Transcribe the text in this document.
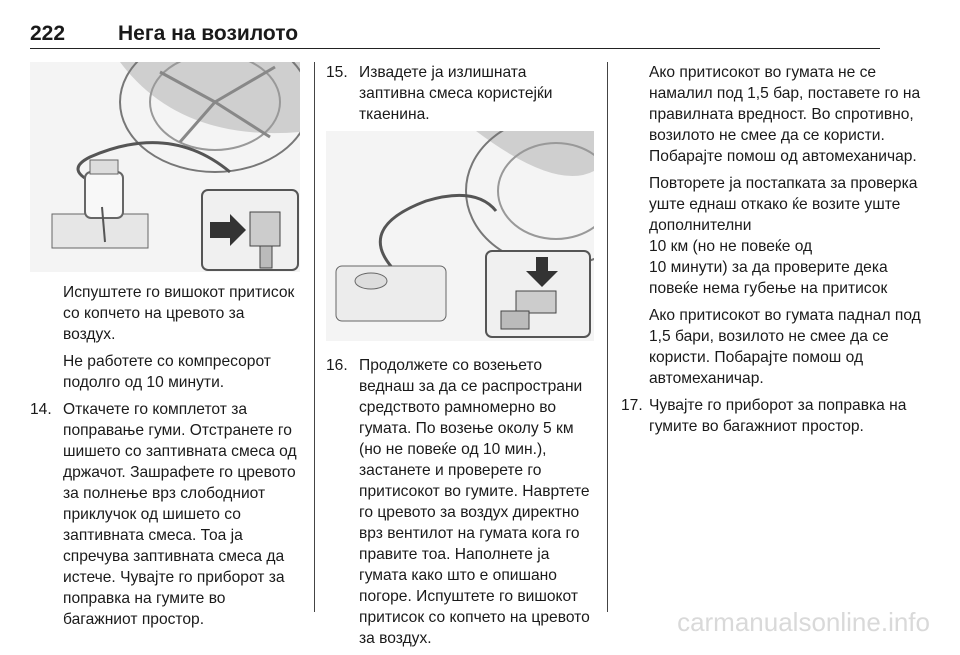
222	Нега на возилото

Испуштете го вишокот притисок со копчето на цревото за воздух.

Не работете со компресорот подолго од 10 минути.

14. Откачете го комплетот за поправање гуми. Отстранете го шишето со заптивната смеса од држачот. Зашрафете го цревото за полнење врз слободниот приклучок од шишето со заптивната смеса. Тоа ја спречува заптивната смеса да истече. Чувајте го приборот за поправка на гумите во багажниот простор.
15. Извадете ја излишната заптивна смеса користејќи ткаенина.
16. Продолжете со возењето веднаш за да се распространи средството рамномерно во гумата. По возење околу 5 км (но не повеќе од 10 мин.), застанете и проверете го притисокот во гумите. Навртете го цревото за воздух директно врз вентилот на гумата кога го правите тоа. Наполнете ја гумата како што е опишано погоре. Испуштете го вишокот притисок со копчето на цревото за воздух.

Ако притисокот во гумата не се намалил под 1,5 бар, поставете го на правилната вредност. Во спротивно, возилото не смее да се користи. Побарајте помош од автомеханичар.

Повторете ја постапката за проверка уште еднаш откако ќе возите уште дополнителни

10 км (но не повеќе од

10 минути) за да проверите дека повеќе нема губење на притисок

Ако притисокот во гумата паднал под 1,5 бари, возилото не смее да се користи. Побарајте помош од автомеханичар.

17. Чувајте го приборот за поправка на гумите во багажниот простор.
carmanualsonline.info
